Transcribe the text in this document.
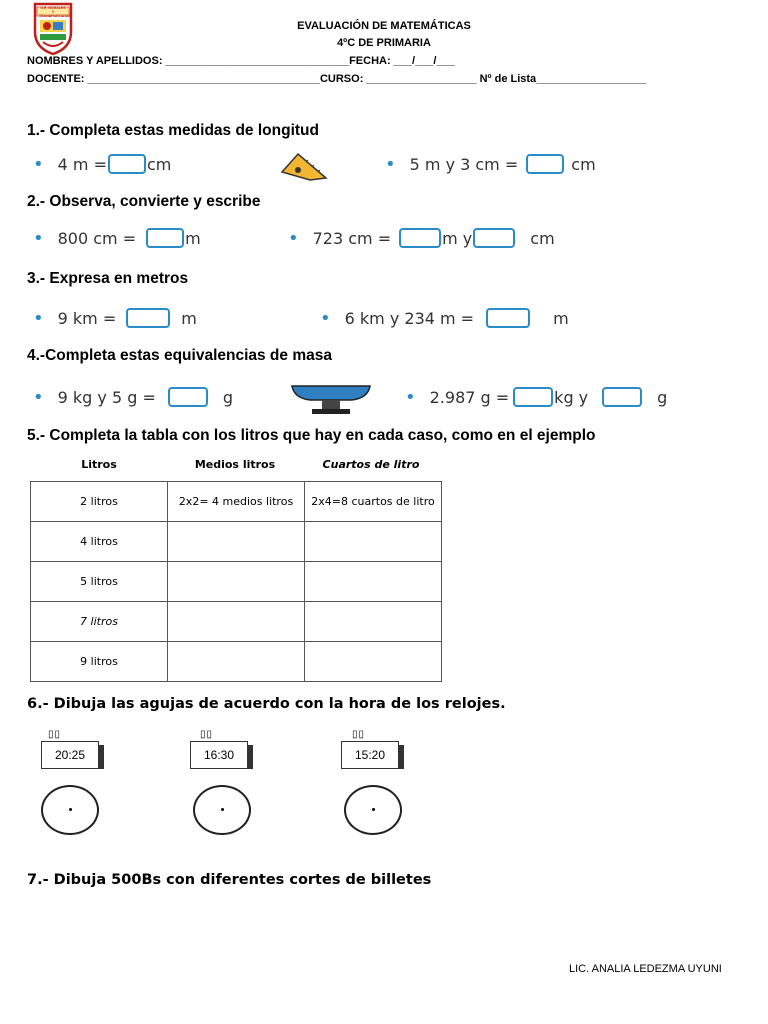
U.E. NOGALES Y TRANSPORTISTAS
EVALUACIÓN DE MATEMÁTICAS
4ºC DE PRIMARIA
NOMBRES Y APELLIDOS: ______________________________FECHA: ___/___/___
DOCENTE: ______________________________________CURSO: __________________ Nº de Lista__________________
1.- Completa estas medidas de longitud
• 4 m =	cm	• 5 m y 3 cm =	cm
2.- Observa, convierte y escribe
• 800 cm =	m	• 723 cm =	m y	cm
3.- Expresa en metros
• 9 km =	m	• 6 km y 234 m =	m
4.-Completa estas equivalencias de masa
• 9 kg y 5 g =	g	• 2.987 g =	kg y	g
5.- Completa la tabla con los litros que hay en cada caso, como en el ejemplo
Litros	Medios litros	Cuartos de litro
2 litros	2x2= 4 medios litros	2x4=8 cuartos de litro
4 litros		
5 litros		
7 litros		
9 litros		
6.- Dibuja las agujas de acuerdo con la hora de los relojes.
▯▯
20:25
▯▯
16:30
▯▯
15:20
7.- Dibuja 500Bs con diferentes cortes de billetes
LIC. ANALIA LEDEZMA UYUNI
